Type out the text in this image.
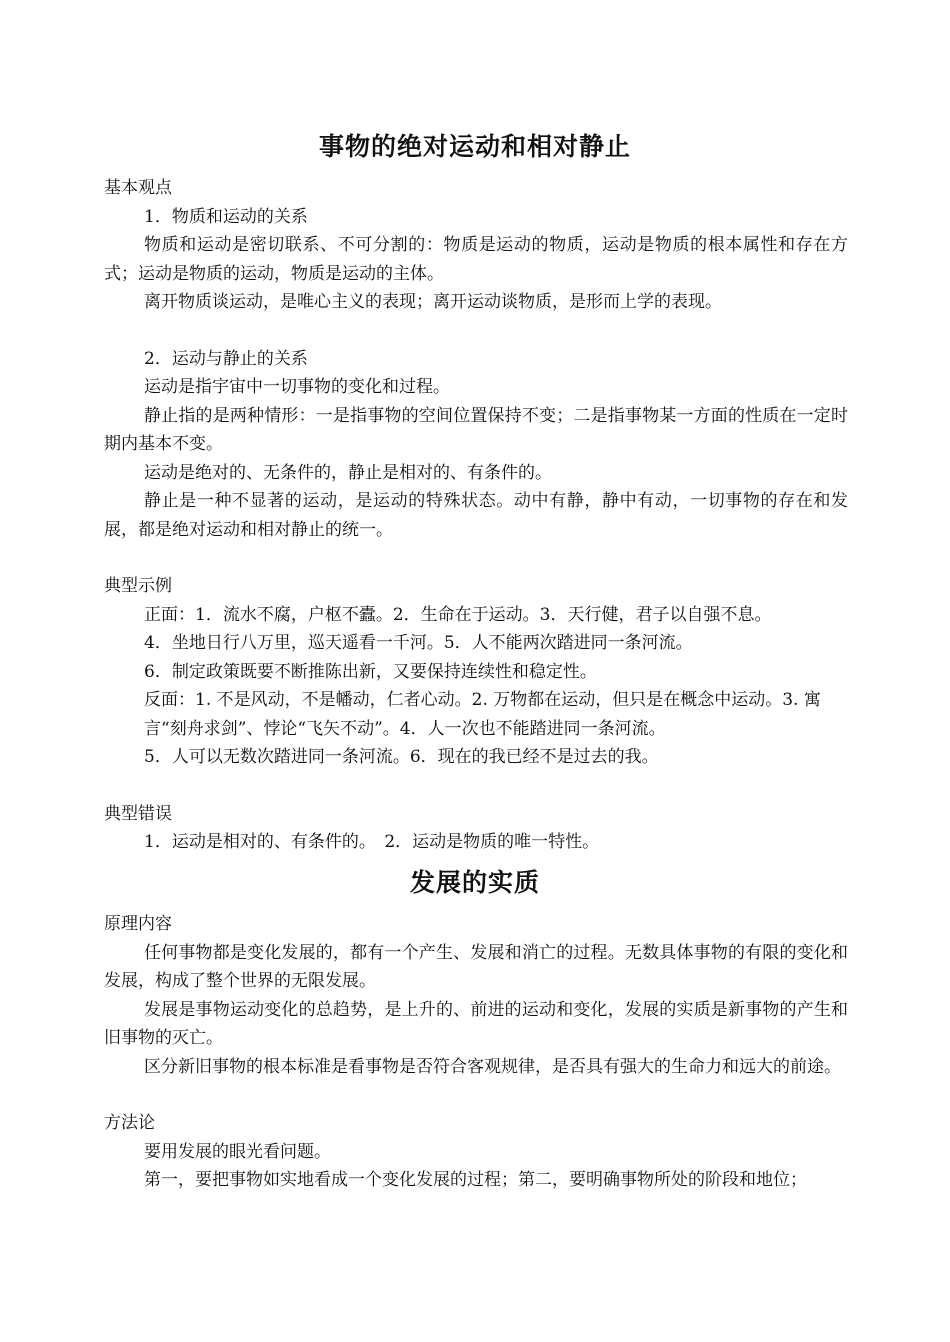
事物的绝对运动和相对静止

基本观点

1．物质和运动的关系

物质和运动是密切联系、不可分割的：物质是运动的物质，运动是物质的根本属性和存在方式；运动是物质的运动，物质是运动的主体。

离开物质谈运动，是唯心主义的表现；离开运动谈物质，是形而上学的表现。

2．运动与静止的关系

运动是指宇宙中一切事物的变化和过程。

静止指的是两种情形：一是指事物的空间位置保持不变；二是指事物某一方面的性质在一定时期内基本不变。

运动是绝对的、无条件的，静止是相对的、有条件的。

静止是一种不显著的运动，是运动的特殊状态。动中有静，静中有动，一切事物的存在和发展，都是绝对运动和相对静止的统一。

典型示例

正面：1．流水不腐，户枢不蠹。2．生命在于运动。3．天行健，君子以自强不息。

4．坐地日行八万里，巡天遥看一千河。5．人不能两次踏进同一条河流。

6．制定政策既要不断推陈出新，又要保持连续性和稳定性。

反面：1. 不是风动，不是幡动，仁者心动。2. 万物都在运动，但只是在概念中运动。3. 寓

言“刻舟求剑”、悖论“飞矢不动”。4．人一次也不能踏进同一条河流。

5．人可以无数次踏进同一条河流。6．现在的我已经不是过去的我。

典型错误

1．运动是相对的、有条件的。　2．运动是物质的唯一特性。

发展的实质

原理内容

任何事物都是变化发展的，都有一个产生、发展和消亡的过程。无数具体事物的有限的变化和发展，构成了整个世界的无限发展。

发展是事物运动变化的总趋势，是上升的、前进的运动和变化，发展的实质是新事物的产生和旧事物的灭亡。

区分新旧事物的根本标准是看事物是否符合客观规律，是否具有强大的生命力和远大的前途。

方法论

要用发展的眼光看问题。

第一，要把事物如实地看成一个变化发展的过程；第二，要明确事物所处的阶段和地位；
